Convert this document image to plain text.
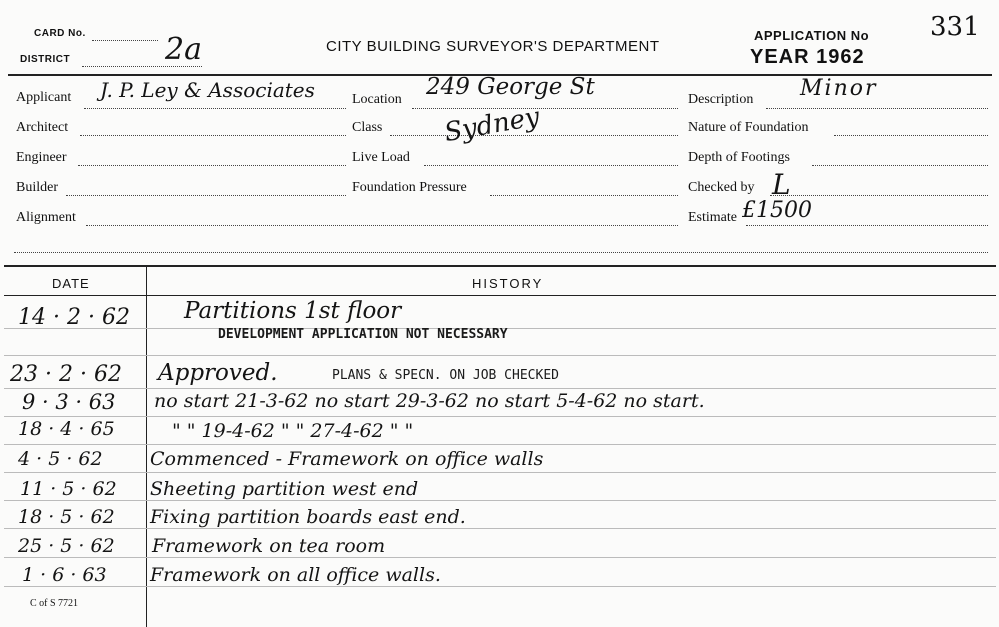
CARD No.
DISTRICT	2a	CITY BUILDING SURVEYOR'S DEPARTMENT
APPLICATION No 331
YEAR 1962
Applicant J. P. Ley & Associates
Architect
Engineer
Builder
Alignment
Location 249 George St
Class Sydney
Live Load
Foundation Pressure
Description Minor
Nature of Foundation
Depth of Footings
Checked by L
Estimate £1500
DATE	HISTORY
14 · 2 · 62 Partitions 1st floor
DEVELOPMENT APPLICATION NOT NECESSARY
23 · 2 · 62 Approved.	PLANS & SPECN. ON JOB CHECKED
9 · 3 · 63 no start 21-3-62 no start 29-3-62 no start 5-4-62 no start.
18 · 4 · 65	" " 19-4-62 " " 27-4-62 " "
4 · 5 · 62 Commenced - Framework on office walls
11 · 5 · 62 Sheeting partition west end
18 · 5 · 62 Fixing partition boards east end.
25 · 5 · 62 Framework on tea room
1 · 6 · 63 Framework on all office walls.
C of S 7721
